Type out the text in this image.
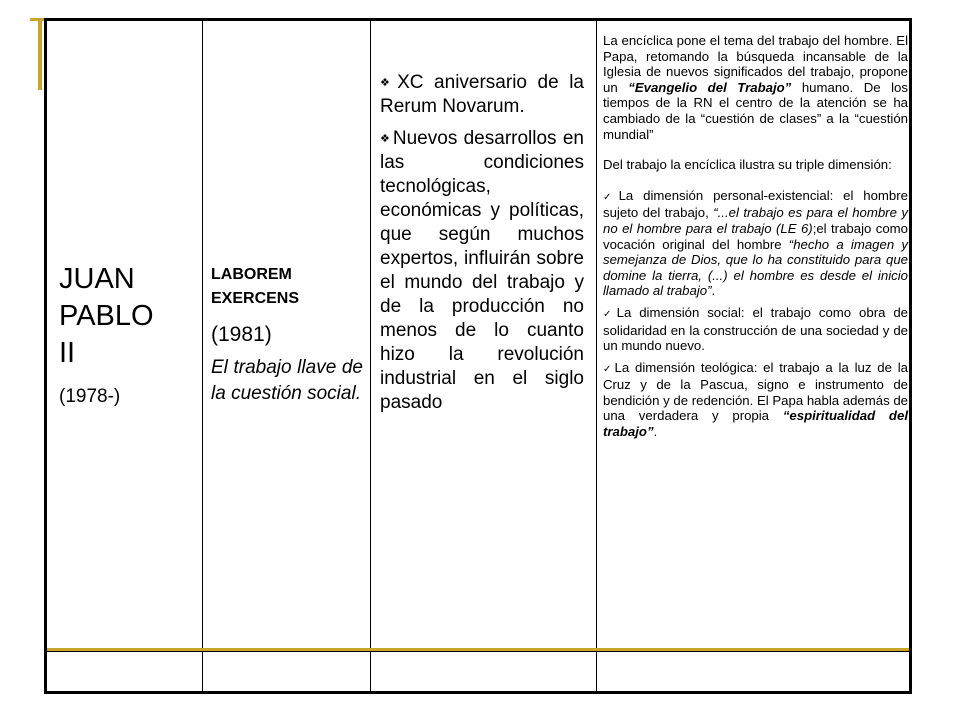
JUAN
PABLO
II
(1978-)
LABOREM
EXERCENS
(1981)
El trabajo llave de la cuestión social.
❖ XC aniversario de la Rerum Novarum.
❖ Nuevos desarrollos en las condiciones tecnológicas, económicas y políticas, que según muchos expertos, influirán sobre el mundo del trabajo y de la producción no menos de lo cuanto hizo la revolución industrial en el siglo pasado

La encíclica pone el tema del trabajo del hombre. El Papa, retomando la búsqueda incansable de la Iglesia de nuevos significados del trabajo, propone un “Evangelio del Trabajo” humano. De los tiempos de la RN el centro de la atención se ha cambiado de la “cuestión de clases” a la “cuestión mundial”

Del trabajo la encíclica ilustra su triple dimensión:

✓La dimensión personal-existencial: el hombre sujeto del trabajo, “...el trabajo es para el hombre y no el hombre para el trabajo (LE 6);el trabajo como vocación original del hombre “hecho a imagen y semejanza de Dios, que lo ha constituido para que domine la tierra, (...) el hombre es desde el inicio llamado al trabajo”.

✓La dimensión social: el trabajo como obra de solidaridad en la construcción de una sociedad y de un mundo nuevo.

✓La dimensión teológica: el trabajo a la luz de la Cruz y de la Pascua, signo e instrumento de bendición y de redención. El Papa habla además de una verdadera y propia “espiritualidad del trabajo”.
